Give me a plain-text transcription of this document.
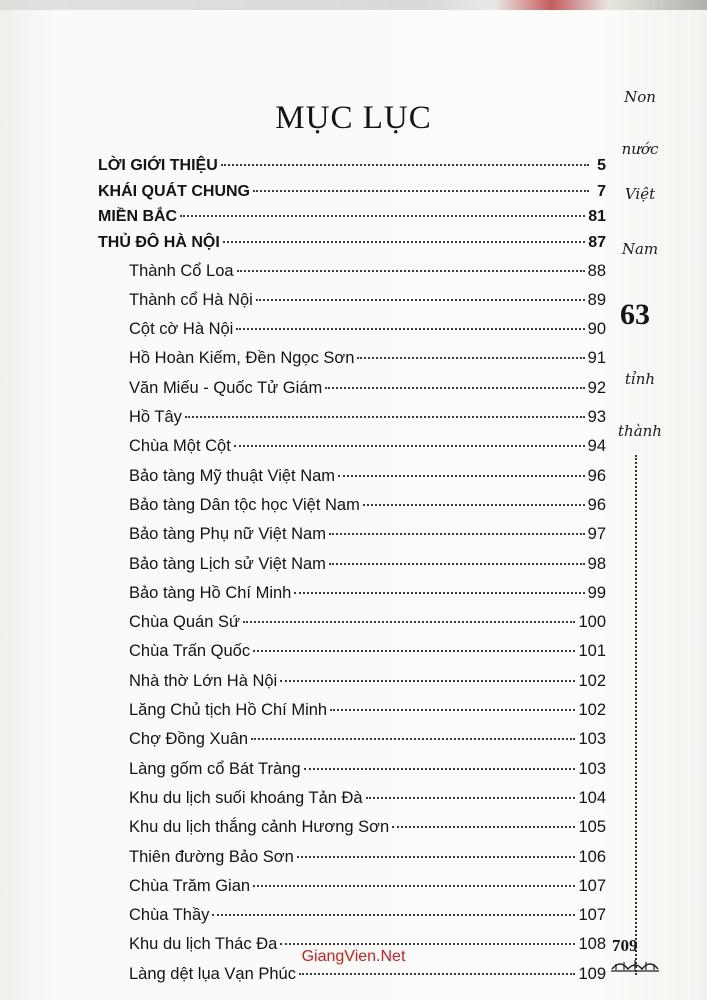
MỤC LỤC
LỜI GIỚI THIỆU	5
KHÁI QUÁT CHUNG	7
MIỀN BẮC	81
THỦ ĐÔ HÀ NỘI	87
Thành Cổ Loa	88
Thành cổ Hà Nội	89
Cột cờ Hà Nội	90
Hồ Hoàn Kiếm, Đền Ngọc Sơn	91
Văn Miếu - Quốc Tử Giám	92
Hồ Tây	93
Chùa Một Cột	94
Bảo tàng Mỹ thuật Việt Nam	96
Bảo tàng Dân tộc học Việt Nam	96
Bảo tàng Phụ nữ Việt Nam	97
Bảo tàng Lịch sử Việt Nam	98
Bảo tàng Hồ Chí Minh	99
Chùa Quán Sứ	100
Chùa Trấn Quốc	101
Nhà thờ Lớn Hà Nội	102
Lăng Chủ tịch Hồ Chí Minh	102
Chợ Đồng Xuân	103
Làng gốm cổ Bát Tràng	103
Khu du lịch suối khoáng Tản Đà	104
Khu du lịch thắng cảnh Hương Sơn	105
Thiên đường Bảo Sơn	106
Chùa Trăm Gian	107
Chùa Thầy	107
Khu du lịch Thác Đa	108
Làng dệt lụa Vạn Phúc	109
Non
nước
Việt
Nam
63
tỉnh
thành
709
GiangVien.Net
